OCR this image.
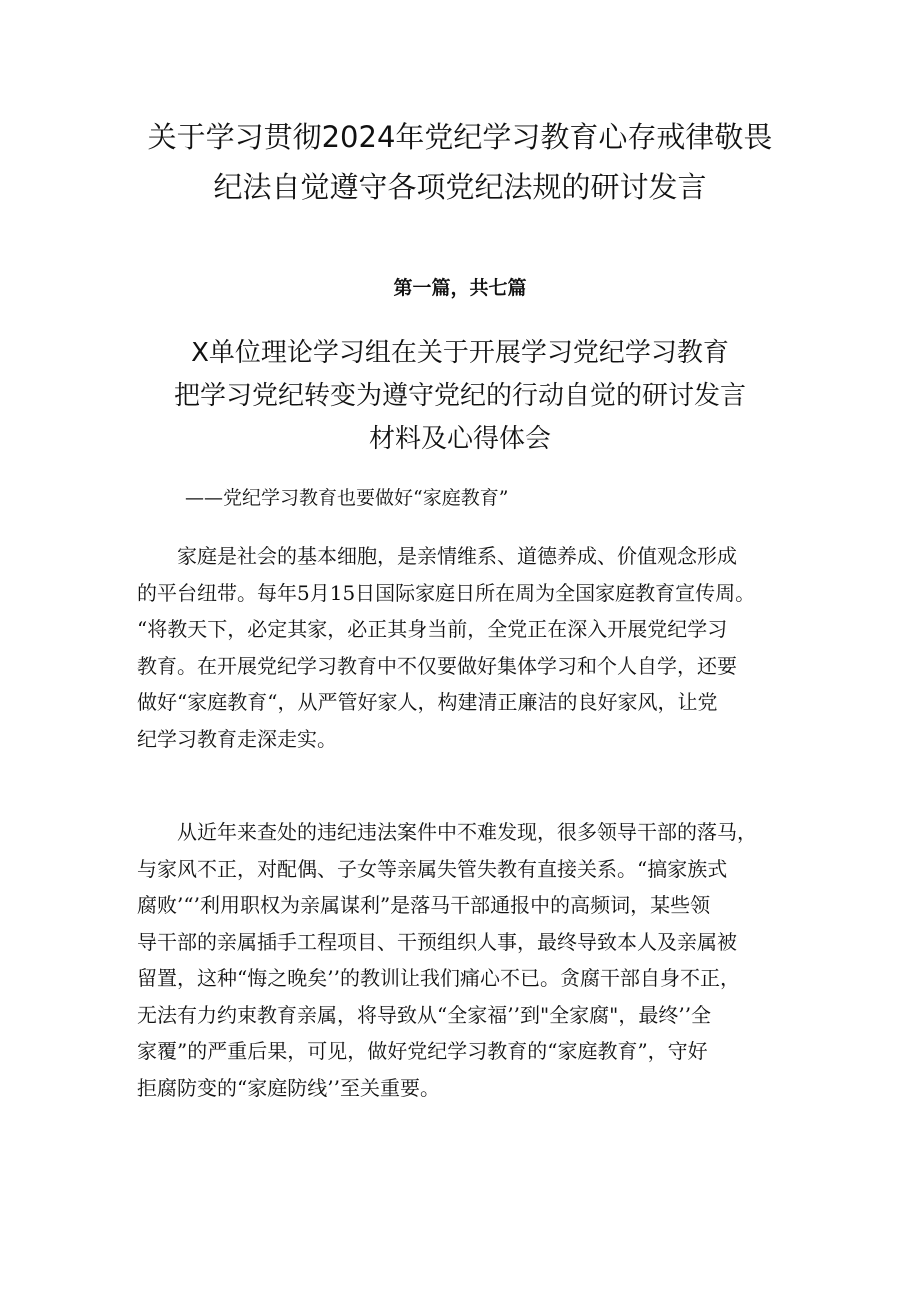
关于学习贯彻2024年党纪学习教育心存戒律敬畏
纪法自觉遵守各项党纪法规的研讨发言
第一篇，共七篇
X单位理论学习组在关于开展学习党纪学习教育
把学习党纪转变为遵守党纪的行动自觉的研讨发言
材料及心得体会
——党纪学习教育也要做好“家庭教育”
　　家庭是社会的基本细胞，是亲情维系、道德养成、价值观念形成
的平台纽带。每年5月15日国际家庭日所在周为全国家庭教育宣传周。
“将教天下，必定其家，必正其身当前，全党正在深入开展党纪学习
教育。在开展党纪学习教育中不仅要做好集体学习和个人自学，还要
做好“家庭教育“，从严管好家人，构建清正廉洁的良好家风，让党
纪学习教育走深走实。
　　从近年来查处的违纪违法案件中不难发现，很多领导干部的落马，
与家风不正，对配偶、子女等亲属失管失教有直接关系。“搞家族式
腐败’“’利用职权为亲属谋利”是落马干部通报中的高频词，某些领
导干部的亲属插手工程项目、干预组织人事，最终导致本人及亲属被
留置，这种“悔之晚矣’’的教训让我们痛心不已。贪腐干部自身不正，
无法有力约束教育亲属，将导致从“全家福’’到"全家腐"，最终’’全
家覆”的严重后果，可见，做好党纪学习教育的“家庭教育”，守好
拒腐防变的“家庭防线’’至关重要。
